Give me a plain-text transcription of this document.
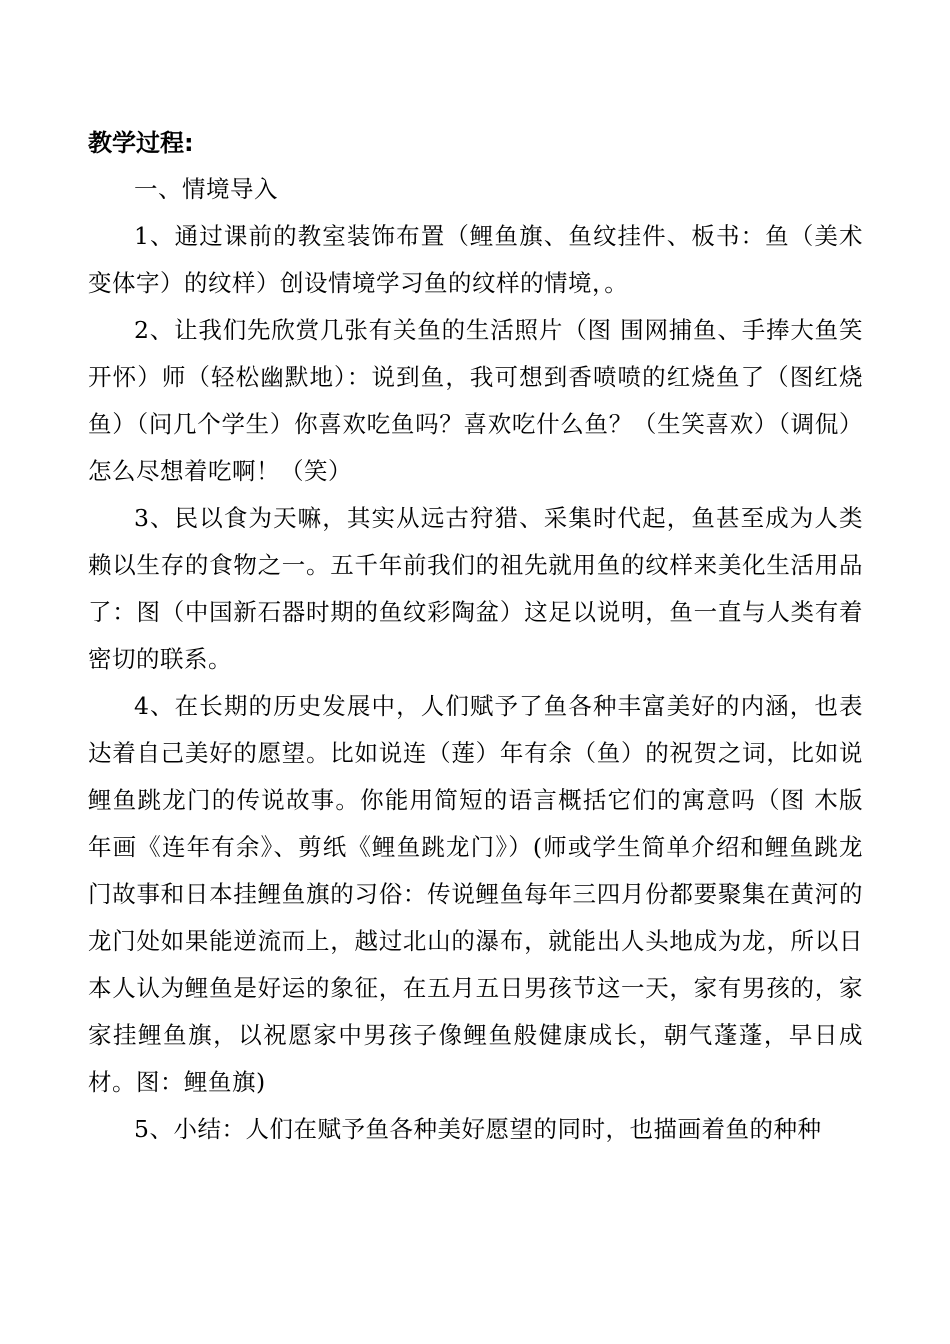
教学过程:

一、情境导入

1、通过课前的教室装饰布置（鲤鱼旗、鱼纹挂件、板书：鱼（美术变体字）的纹样）创设情境学习鱼的纹样的情境，。

2、让我们先欣赏几张有关鱼的生活照片（图 围网捕鱼、手捧大鱼笑开怀）师（轻松幽默地）：说到鱼，我可想到香喷喷的红烧鱼了（图红烧鱼）（问几个学生）你喜欢吃鱼吗？喜欢吃什么鱼？（生笑喜欢）（调侃）怎么尽想着吃啊！（笑）

3、民以食为天嘛，其实从远古狩猎、采集时代起，鱼甚至成为人类赖以生存的食物之一。五千年前我们的祖先就用鱼的纹样来美化生活用品了：图（中国新石器时期的鱼纹彩陶盆）这足以说明，鱼一直与人类有着密切的联系。

4、在长期的历史发展中，人们赋予了鱼各种丰富美好的内涵，也表达着自己美好的愿望。比如说连（莲）年有余（鱼）的祝贺之词，比如说鲤鱼跳龙门的传说故事。你能用简短的语言概括它们的寓意吗（图 木版年画《连年有余》、剪纸《鲤鱼跳龙门》）(师或学生简单介绍和鲤鱼跳龙门故事和日本挂鲤鱼旗的习俗：传说鲤鱼每年三四月份都要聚集在黄河的龙门处如果能逆流而上，越过北山的瀑布，就能出人头地成为龙，所以日本人认为鲤鱼是好运的象征，在五月五日男孩节这一天，家有男孩的，家家挂鲤鱼旗，以祝愿家中男孩子像鲤鱼般健康成长，朝气蓬蓬，早日成材。图：鲤鱼旗)

5、小结：人们在赋予鱼各种美好愿望的同时，也描画着鱼的种种
